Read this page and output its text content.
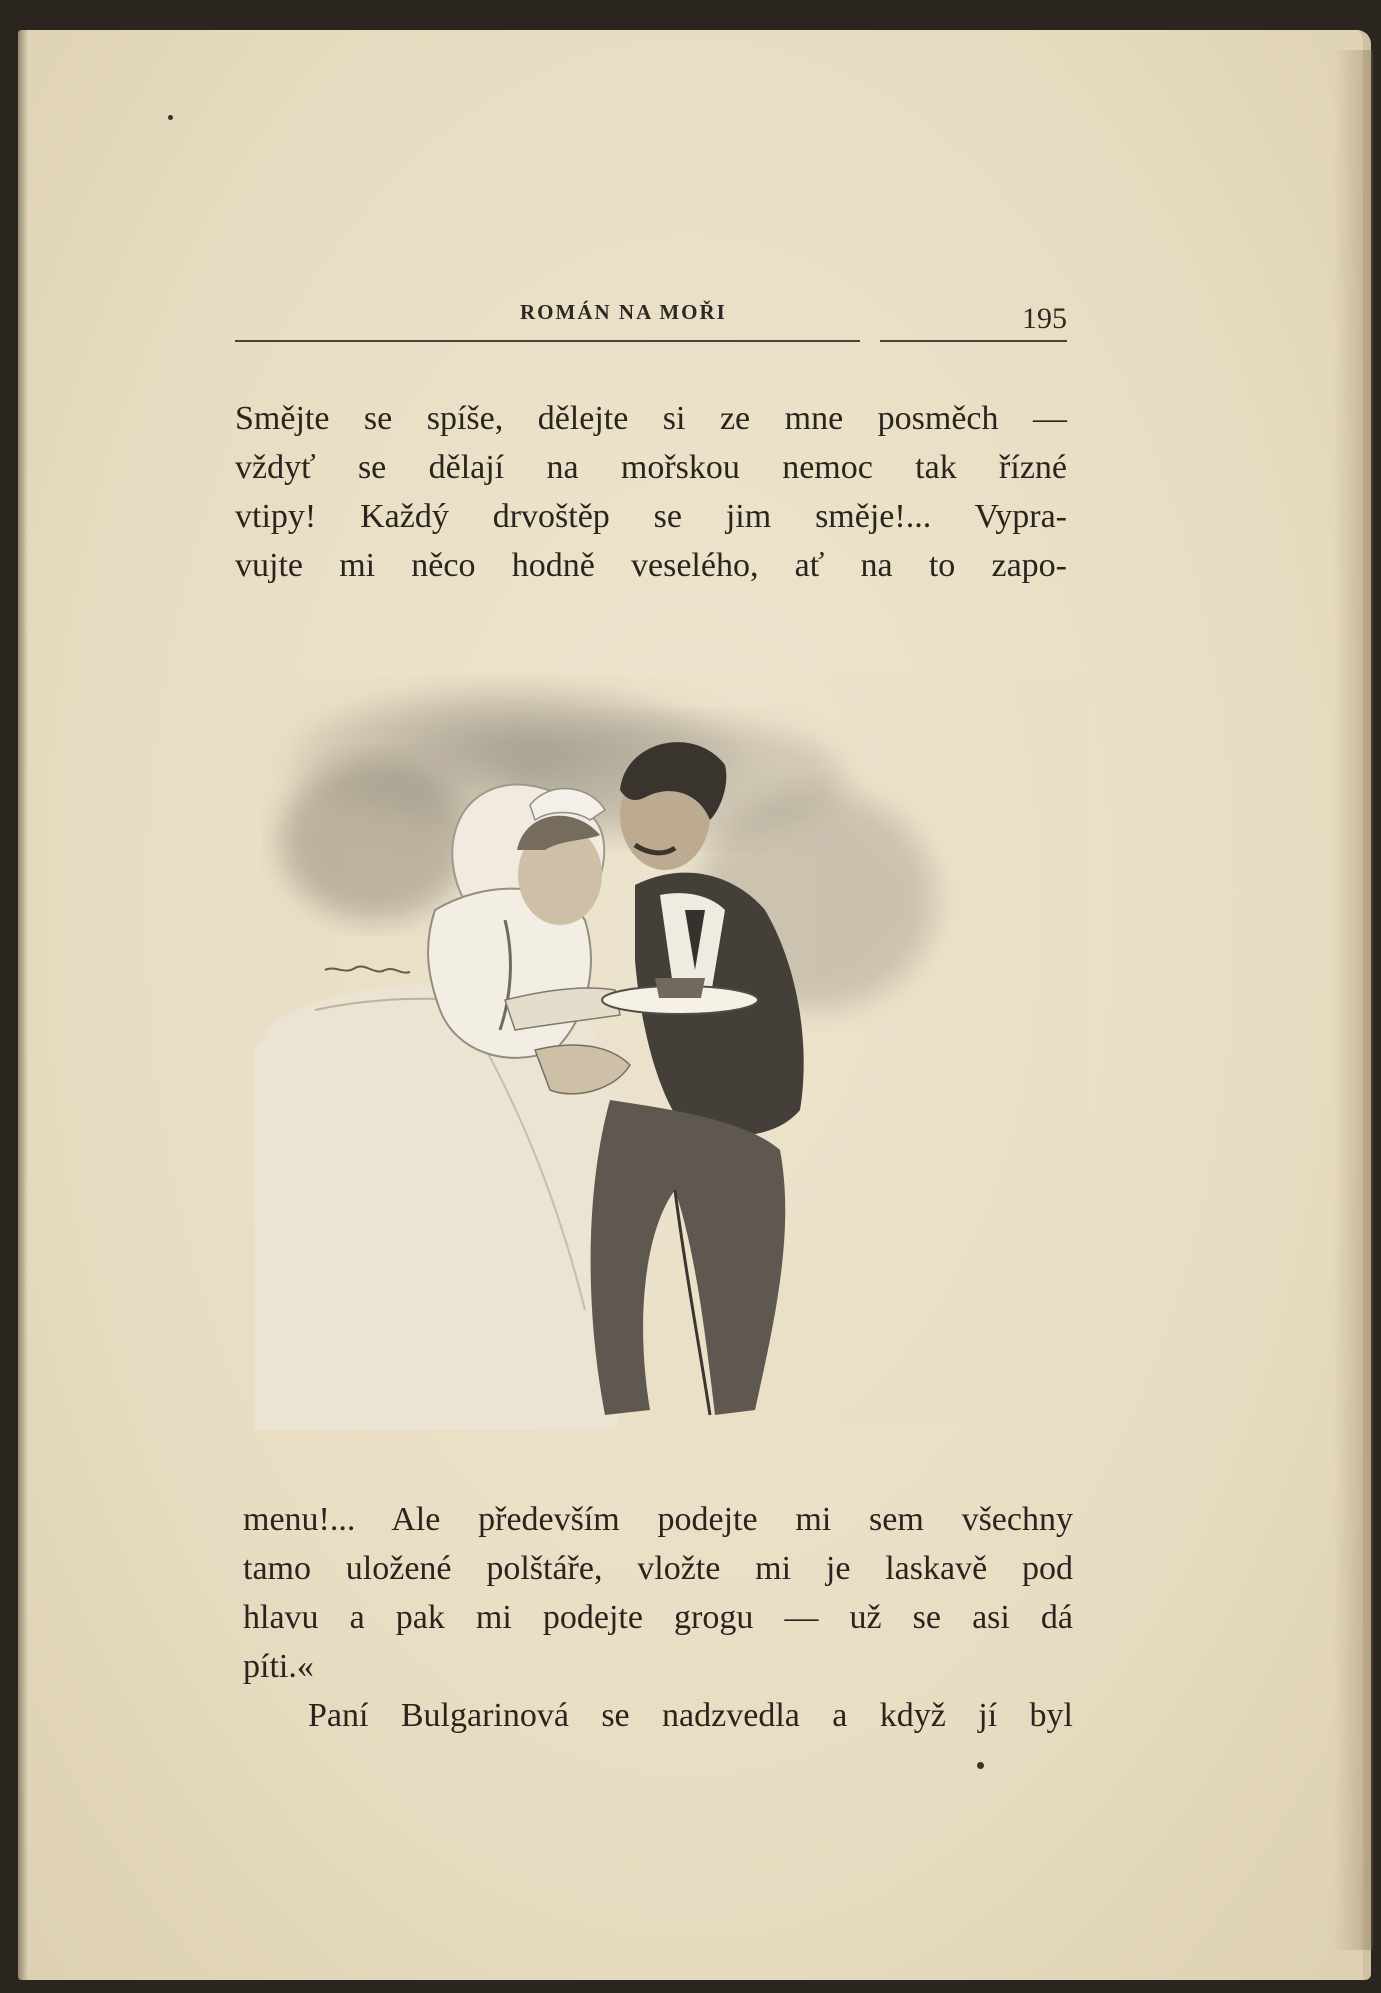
ROMÁN NA MOŘI	195
Smějte se spíše, dělejte si ze mne posměch —
vždyť se dělají na mořskou nemoc tak řízné
vtipy! Každý drvoštěp se jim směje!... Vypra-
vujte mi něco hodně veselého, ať na to zapo-
menu!... Ale především podejte mi sem všechny
tamo uložené polštáře, vložte mi je laskavě pod
hlavu a pak mi podejte grogu — už se asi dá
píti.«
Paní Bulgarinová se nadzvedla a když jí byl
